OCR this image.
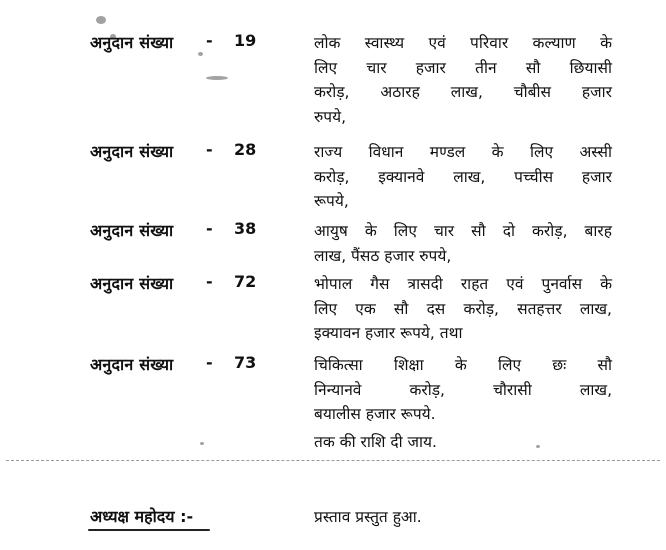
अनुदान संख्या - 19	लोक स्वास्थ्य एवं परिवार कल्याण के
लिए चार हजार तीन सौ छियासी
करोड़, अठारह लाख, चौबीस हजार
रुपये,
अनुदान संख्या - 28	राज्य विधान मण्डल के लिए अस्सी
करोड़, इक्यानवे लाख, पच्चीस हजार
रूपये,
अनुदान संख्या - 38	आयुष के लिए चार सौ दो करोड़, बारह
लाख, पैंसठ हजार रुपये,
अनुदान संख्या - 72	भोपाल गैस त्रासदी राहत एवं पुनर्वास के
लिए एक सौ दस करोड़, सतहत्तर लाख,
इक्यावन हजार रूपये, तथा
अनुदान संख्या - 73	चिकित्सा शिक्षा के लिए छः सौ
निन्यानवे करोड़, चौरासी लाख,
बयालीस हजार रूपये.
तक की राशि दी जाय.
अध्यक्ष महोदय :-	प्रस्ताव प्रस्तुत हुआ.
